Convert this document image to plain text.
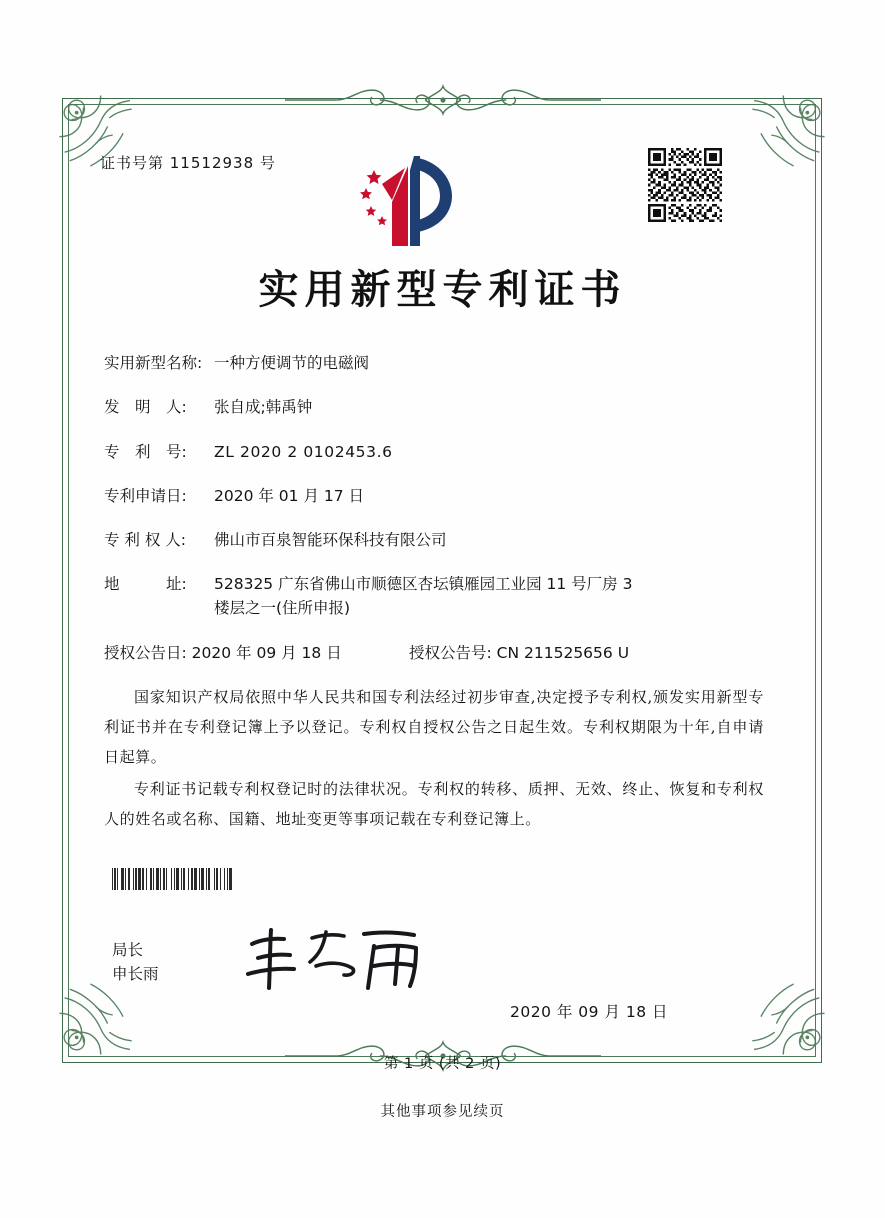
证书号第 11512938 号
实用新型专利证书
实用新型名称: 一种方便调节的电磁阀
发　明　人:	张自成;韩禹钟
专　利　号:	ZL 2020 2 0102453.6
专利申请日:	2020 年 01 月 17 日
专 利 权 人:	佛山市百泉智能环保科技有限公司
地　　　址:	528325 广东省佛山市顺德区杏坛镇雁园工业园 11 号厂房 3
楼层之一(住所申报)
授权公告日: 2020 年 09 月 18 日	授权公告号: CN 211525656 U

国家知识产权局依照中华人民共和国专利法经过初步审查,决定授予专利权,颁发实用新型专利证书并在专利登记簿上予以登记。专利权自授权公告之日起生效。专利权期限为十年,自申请日起算。

专利证书记载专利权登记时的法律状况。专利权的转移、质押、无效、终止、恢复和专利权人的姓名或名称、国籍、地址变更等事项记载在专利登记簿上。

局长
申长雨
2020 年 09 月 18 日
第 1 页 (共 2 页)
其他事项参见续页
